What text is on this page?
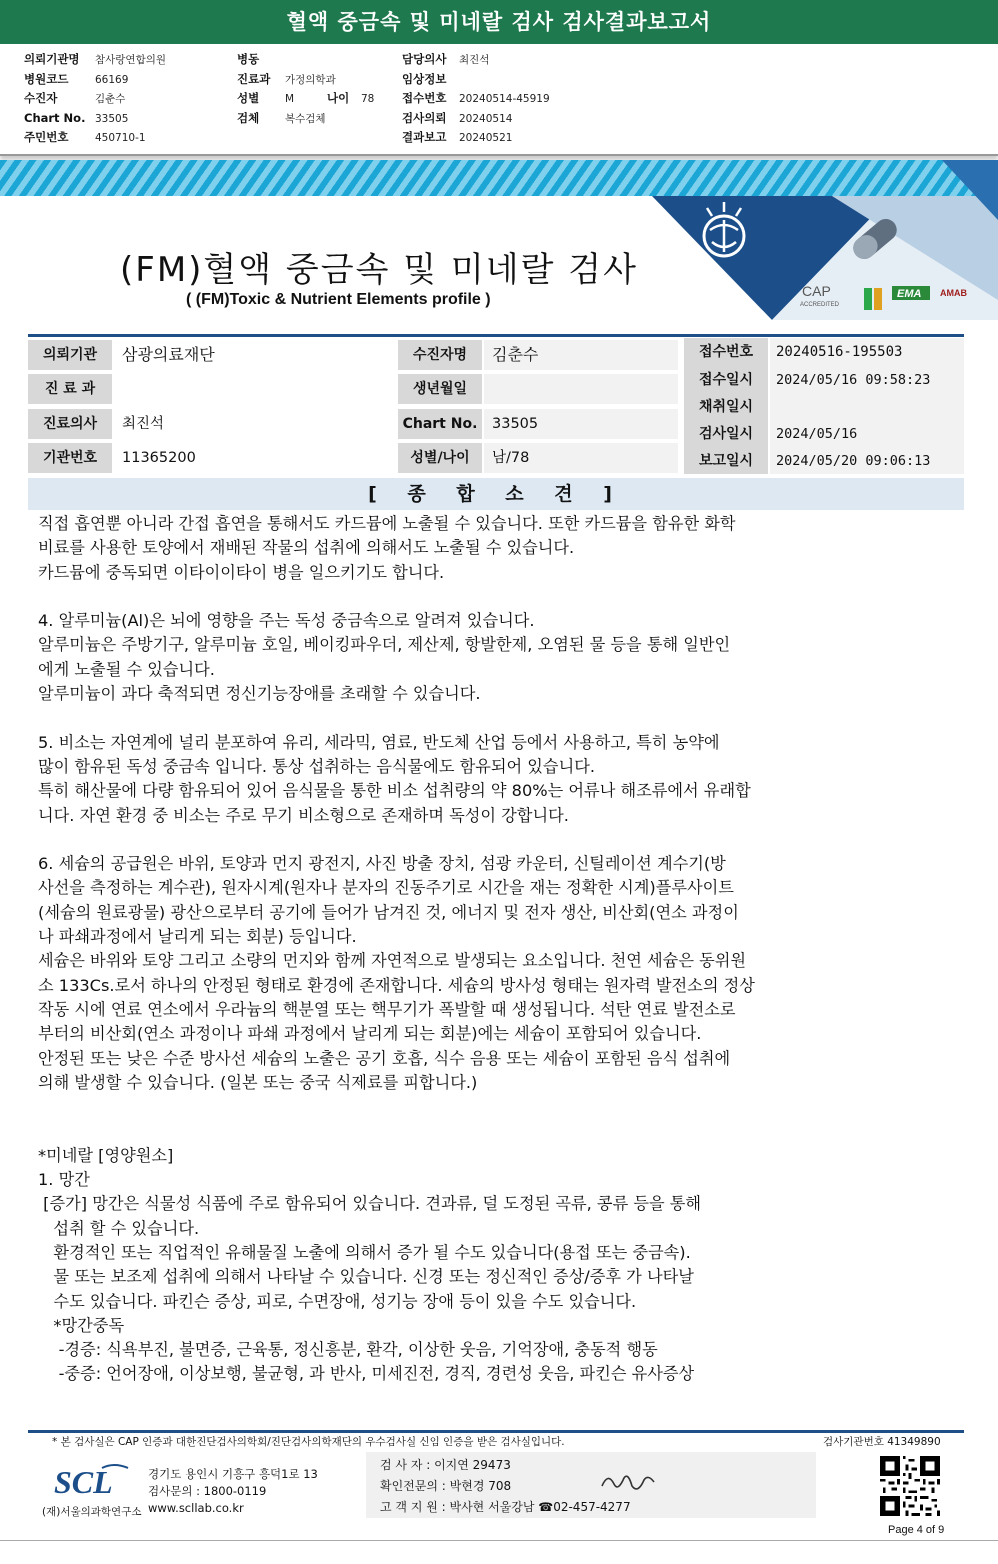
혈액 중금속 및 미네랄 검사 검사결과보고서
의뢰기관명 참사랑연합의원
병원코드	66169
수진자	김춘수
Chart No. 33505
주민번호	450710-1
병동
진료과 가정의학과
성별 M	나이 78
검체 복수검체
담당의사 최진석
임상정보
접수번호 20240514-45919
검사의뢰 20240514
결과보고 20240521
CAP
ACCREDITED
EMA AMAB
(FM)혈액 중금속 및 미네랄 검사
( (FM)Toxic & Nutrient Elements profile )
의뢰기관	삼광의료재단	수진자명	김춘수
진 료 과	생년월일
진료의사	최진석	Chart No.	33505
기관번호	11365200	성별/나이	남/78
접수번호	20240516-195503
접수일시	2024/05/16 09:58:23
채취일시
검사일시	2024/05/16
보고일시	2024/05/20 09:06:13
[ 종 합 소 견 ]
직접 흡연뿐 아니라 간접 흡연을 통해서도 카드뮴에 노출될 수 있습니다. 또한 카드뮴을 함유한 화학
비료를 사용한 토양에서 재배된 작물의 섭취에 의해서도 노출될 수 있습니다.
카드뮴에 중독되면 이타이이타이 병을 일으키기도 합니다.
4. 알루미늄(Al)은 뇌에 영향을 주는 독성 중금속으로 알려져 있습니다.
알루미늄은 주방기구, 알루미늄 호일, 베이킹파우더, 제산제, 항발한제, 오염된 물 등을 통해 일반인
에게 노출될 수 있습니다.
알루미늄이 과다 축적되면 정신기능장애를 초래할 수 있습니다.
5. 비소는 자연계에 널리 분포하여 유리, 세라믹, 염료, 반도체 산업 등에서 사용하고, 특히 농약에
많이 함유된 독성 중금속 입니다. 통상 섭취하는 음식물에도 함유되어 있습니다.
특히 해산물에 다량 함유되어 있어 음식물을 통한 비소 섭취량의 약 80%는 어류나 해조류에서 유래합
니다. 자연 환경 중 비소는 주로 무기 비소형으로 존재하며 독성이 강합니다.
6. 세슘의 공급원은 바위, 토양과 먼지 광전지, 사진 방출 장치, 섬광 카운터, 신틸레이션 계수기(방
사선을 측정하는 계수관), 원자시계(원자나 분자의 진동주기로 시간을 재는 정확한 시계)플루사이트
(세슘의 원료광물) 광산으로부터 공기에 들어가 남겨진 것, 에너지 및 전자 생산, 비산회(연소 과정이
나 파쇄과정에서 날리게 되는 회분) 등입니다.
세슘은 바위와 토양 그리고 소량의 먼지와 함께 자연적으로 발생되는 요소입니다. 천연 세슘은 동위원
소 133Cs.로서 하나의 안정된 형태로 환경에 존재합니다. 세슘의 방사성 형태는 원자력 발전소의 정상
작동 시에 연료 연소에서 우라늄의 핵분열 또는 핵무기가 폭발할 때 생성됩니다. 석탄 연료 발전소로
부터의 비산회(연소 과정이나 파쇄 과정에서 날리게 되는 회분)에는 세슘이 포함되어 있습니다.
안정된 또는 낮은 수준 방사선 세슘의 노출은 공기 호흡, 식수 음용 또는 세슘이 포함된 음식 섭취에
의해 발생할 수 있습니다. (일본 또는 중국 식제료를 피합니다.)
*미네랄 [영양원소]
1. 망간
[증가] 망간은 식물성 식품에 주로 함유되어 있습니다. 견과류, 덜 도정된 곡류, 콩류 등을 통해
섭취 할 수 있습니다.
환경적인 또는 직업적인 유해물질 노출에 의해서 증가 될 수도 있습니다(용접 또는 중금속).
물 또는 보조제 섭취에 의해서 나타날 수 있습니다. 신경 또는 정신적인 증상/증후 가 나타날
수도 있습니다. 파킨슨 증상, 피로, 수면장애, 성기능 장애 등이 있을 수도 있습니다.
*망간중독
-경증: 식욕부진, 불면증, 근육통, 정신흥분, 환각, 이상한 웃음, 기억장애, 충동적 행동
-중증: 언어장애, 이상보행, 불균형, 과 반사, 미세진전, 경직, 경련성 웃음, 파킨슨 유사증상
* 본 검사실은 CAP 인증과 대한진단검사의학회/진단검사의학재단의 우수검사실 신임 인증을 받은 검사실입니다.	검사기관번호 41349890
SCL
(재)서울의과학연구소
경기도 용인시 기흥구 흥덕1로 13
검사문의 : 1800-0119
www.scllab.co.kr
검 사 자 : 이지연 29473
확인전문의 : 박현경 708
고 객 지 원 : 박사현 서울강남 ☎02-457-4277
Page 4 of 9
